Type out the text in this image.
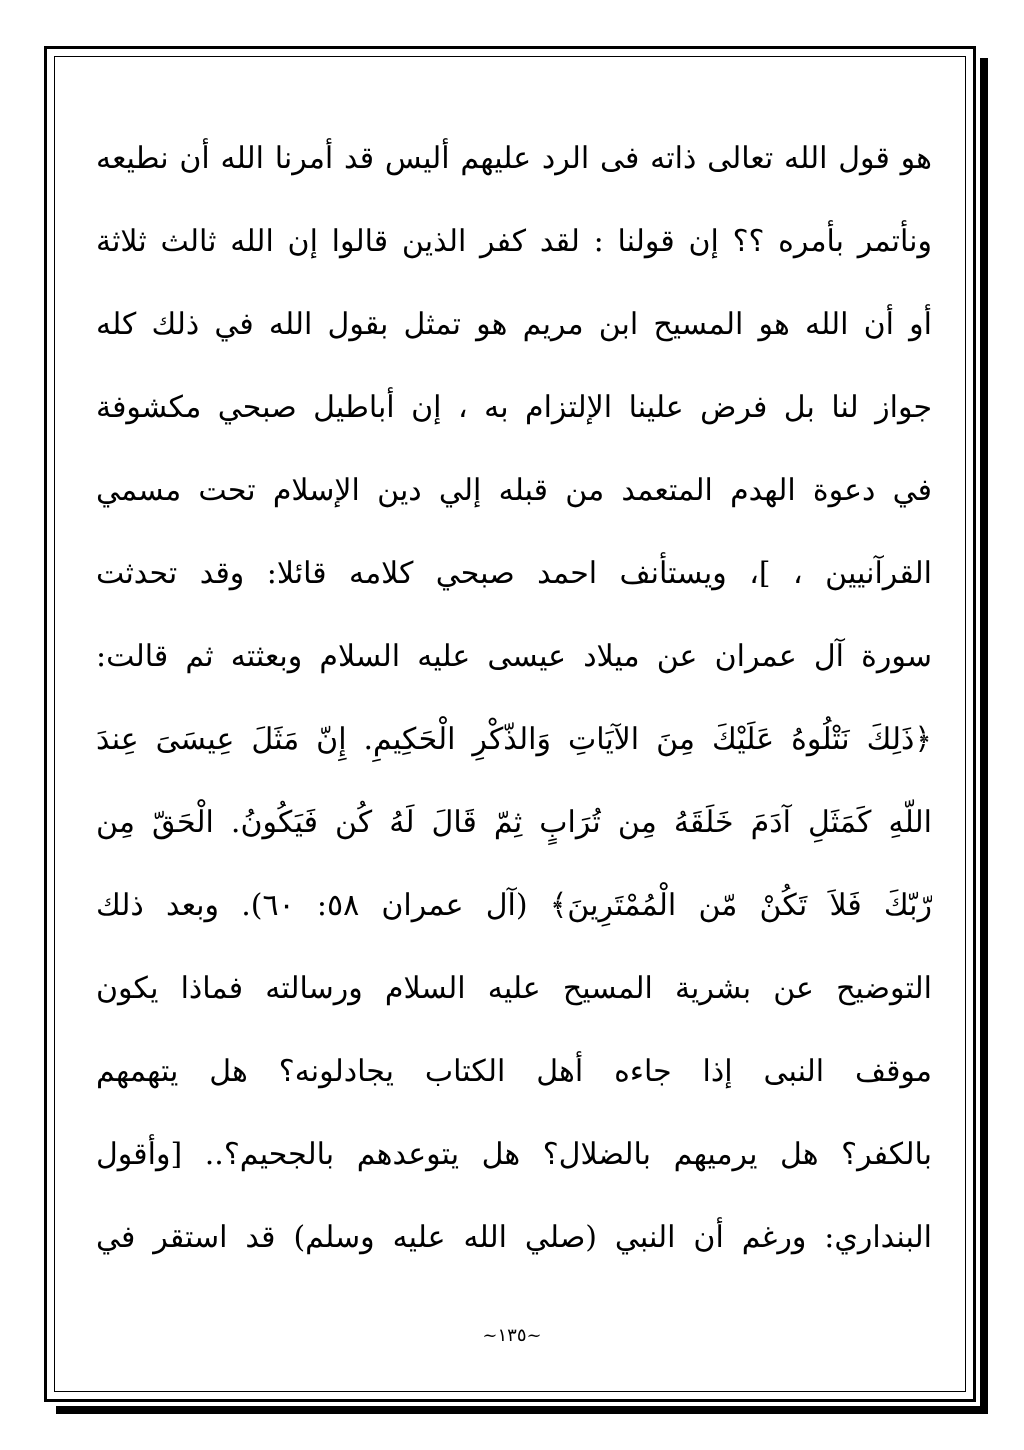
هو قول الله تعالى ذاته فى الرد عليهم أليس قد أمرنا الله أن نطيعه
ونأتمر بأمره ؟؟ إن قولنا : لقد كفر الذين قالوا إن الله ثالث ثلاثة
أو أن الله هو المسيح ابن مريم هو تمثل بقول الله في ذلك كله
جواز لنا بل فرض علينا الإلتزام به ، إن أباطيل صبحي مكشوفة
في دعوة الهدم المتعمد من قبله إلي دين الإسلام تحت مسمي
القرآنيين ، ]، ويستأنف احمد صبحي كلامه قائلا: وقد تحدثت
سورة آل عمران عن ميلاد عيسى عليه السلام وبعثته ثم قالت:
﴿ذَلِكَ نَتْلُوهُ عَلَيْكَ مِنَ الآيَاتِ وَالذّكْرِ الْحَكِيمِ. إِنّ مَثَلَ عِيسَىَ عِندَ
اللّهِ كَمَثَلِ آدَمَ خَلَقَهُ مِن تُرَابٍ ثِمّ قَالَ لَهُ كُن فَيَكُونُ. الْحَقّ مِن
رّبّكَ فَلاَ تَكُنْ مّن الْمُمْتَرِينَ﴾ (آل عمران ٥٨: ٦٠). وبعد ذلك
التوضيح عن بشرية المسيح عليه السلام ورسالته فماذا يكون
موقف النبى إذا جاءه أهل الكتاب يجادلونه؟ هل يتهمهم
بالكفر؟ هل يرميهم بالضلال؟ هل يتوعدهم بالجحيم؟.. [وأقول
البنداري: ورغم أن النبي (صلي الله عليه وسلم) قد استقر في
~١٣٥~
